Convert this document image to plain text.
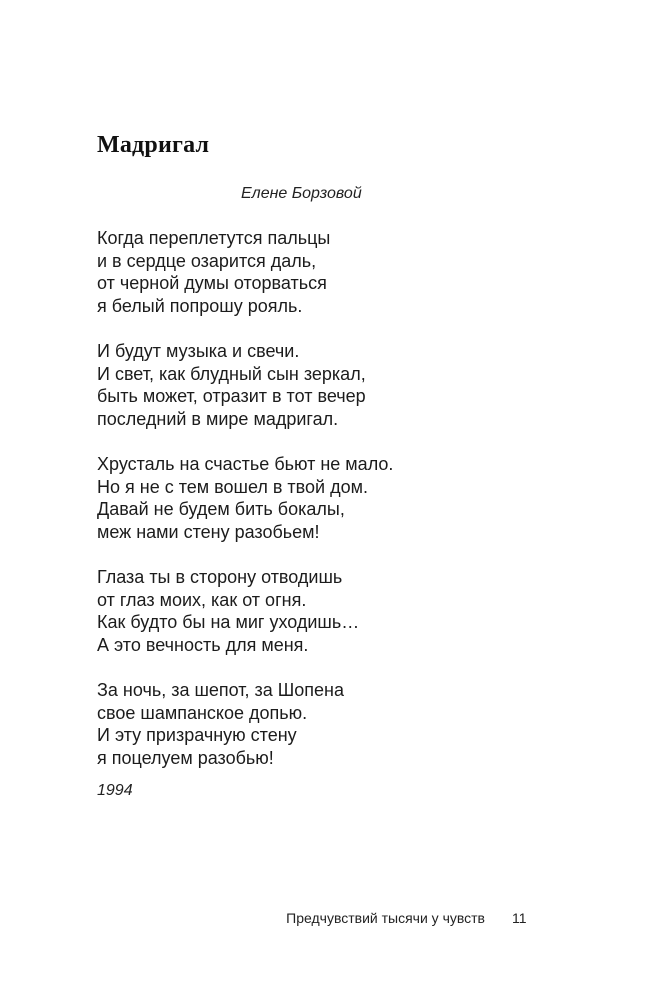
Мадригал

Елене Борзовой

Когда переплетутся пальцы
и в сердце озарится даль,
от черной думы оторваться
я белый попрошу рояль.
И будут музыка и свечи.
И свет, как блудный сын зеркал,
быть может, отразит в тот вечер
последний в мире мадригал.
Хрусталь на счастье бьют не мало.
Но я не с тем вошел в твой дом.
Давай не будем бить бокалы,
меж нами стену разобьем!
Глаза ты в сторону отводишь
от глаз моих, как от огня.
Как будто бы на миг уходишь…
А это вечность для меня.
За ночь, за шепот, за Шопена
свое шампанское допью.
И эту призрачную стену
я поцелуем разобью!

1994

Предчувствий тысячи у чувств 11
